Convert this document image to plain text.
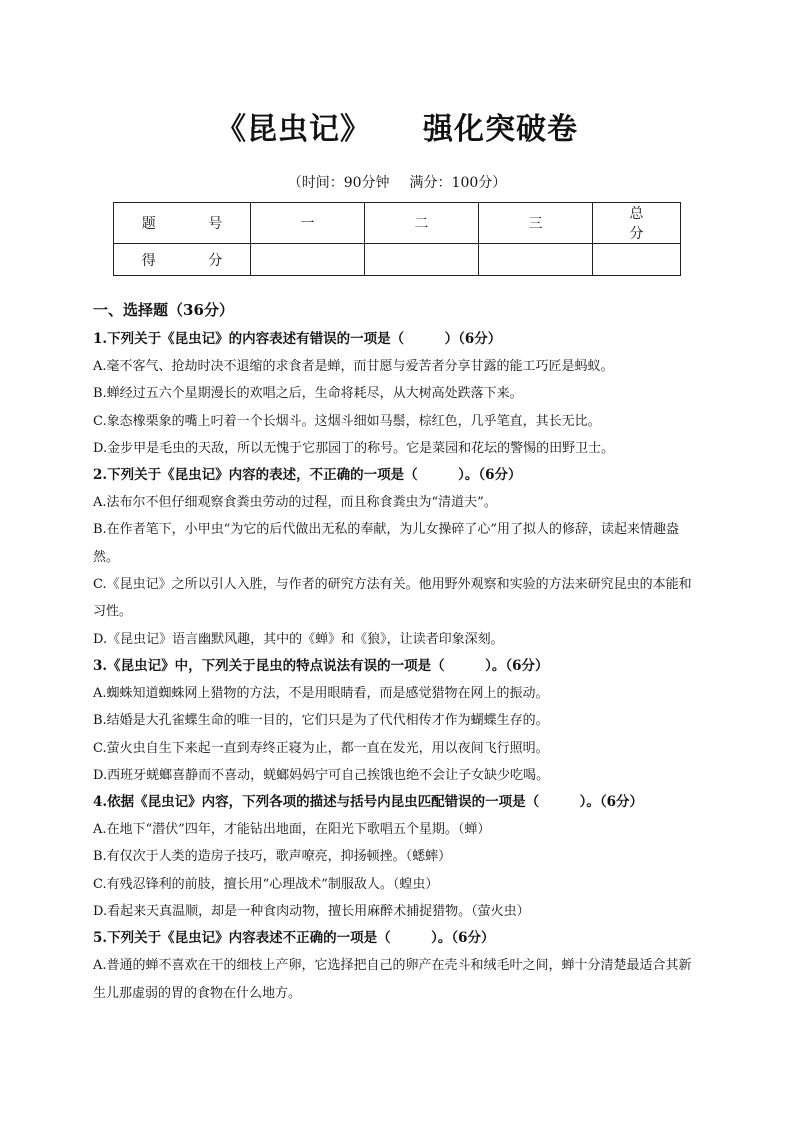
《昆虫记》 强化突破卷
（时间：90分钟 满分：100分）
题 号	一	二	三	总 分
得 分				
一、选择题（36分）
1.下列关于《昆虫记》的内容表述有错误的一项是（　　　）（6分）
A.毫不客气、抢劫时决不退缩的求食者是蝉，而甘愿与爱苦者分享甘露的能工巧匠是蚂蚁。
B.蝉经过五六个星期漫长的欢唱之后，生命将耗尽，从大树高处跌落下来。
C.象态橡栗象的嘴上叼着一个长烟斗。这烟斗细如马鬃，棕红色，几乎笔直，其长无比。
D.金步甲是毛虫的天敌，所以无愧于它那园丁的称号。它是菜园和花坛的警惕的田野卫士。
2.下列关于《昆虫记》内容的表述，不正确的一项是（　　　）。（6分）
A.法布尔不但仔细观察食粪虫劳动的过程，而且称食粪虫为“清道夫”。
B.在作者笔下，小甲虫“为它的后代做出无私的奉献，为儿女操碎了心”用了拟人的修辞，读起来情趣盎然。
C.《昆虫记》之所以引人入胜，与作者的研究方法有关。他用野外观察和实验的方法来研究昆虫的本能和习性。
D.《昆虫记》语言幽默风趣，其中的《蝉》和《狼》，让读者印象深刻。
3.《昆虫记》中，下列关于昆虫的特点说法有误的一项是（　　　）。（6分）
A.蜘蛛知道蜘蛛网上猎物的方法，不是用眼睛看，而是感觉猎物在网上的振动。
B.结婚是大孔雀蝶生命的唯一目的，它们只是为了代代相传才作为蝴蝶生存的。
C.萤火虫自生下来起一直到寿终正寝为止，都一直在发光，用以夜间飞行照明。
D.西班牙蜣螂喜静而不喜动，蜣螂妈妈宁可自己挨饿也绝不会让子女缺少吃喝。
4.依据《昆虫记》内容，下列各项的描述与括号内昆虫匹配错误的一项是（　　　）。（6分）
A.在地下“潜伏”四年，才能钻出地面，在阳光下歌唱五个星期。（蝉）
B.有仅次于人类的造房子技巧，歌声嘹亮，抑扬顿挫。（蟋蟀）
C.有残忍锋利的前肢，擅长用“心理战术”制服敌人。（蝗虫）
D.看起来天真温顺，却是一种食肉动物，擅长用麻醉术捕捉猎物。（萤火虫）
5.下列关于《昆虫记》内容表述不正确的一项是（　　　）。（6分）
A.普通的蝉不喜欢在干的细枝上产卵，它选择把自己的卵产在壳斗和绒毛叶之间，蝉十分清楚最适合其新生儿那虚弱的胃的食物在什么地方。
